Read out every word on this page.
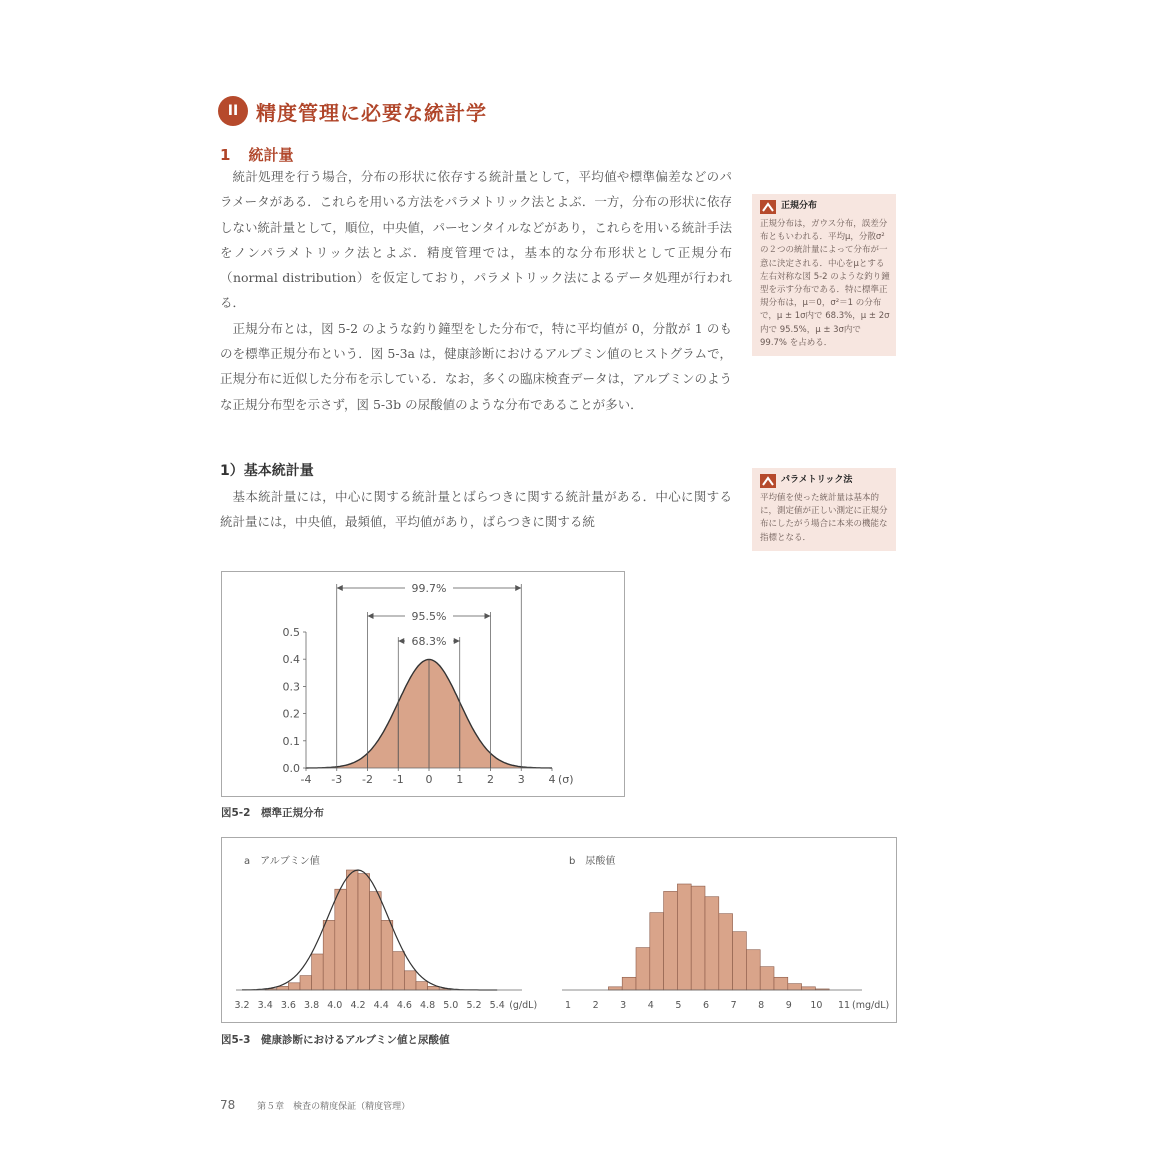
II 精度管理に必要な統計学
1 統計量

統計処理を行う場合，分布の形状に依存する統計量として，平均値や標準偏差などのパラメータがある．これらを用いる方法をパラメトリック法とよぶ．一方，分布の形状に依存しない統計量として，順位，中央値，パーセンタイルなどがあり，これらを用いる統計手法をノンパラメトリック法とよぶ．精度管理では，基本的な分布形状として正規分布（normal distribution）を仮定しており，パラメトリック法によるデータ処理が行われる．

正規分布とは，図 5-2 のような釣り鐘型をした分布で，特に平均値が 0，分散が 1 のものを標準正規分布という．図 5-3a は，健康診断におけるアルブミン値のヒストグラムで，正規分布に近似した分布を示している．なお，多くの臨床検査データは，アルブミンのような正規分布型を示さず，図 5-3b の尿酸値のような分布であることが多い．

1）基本統計量

基本統計量には，中心に関する統計量とばらつきに関する統計量がある．中心に関する統計量には，中央値，最頻値，平均値があり，ばらつきに関する統

正規分布
正規分布は，ガウス分布，誤差分布ともいわれる．平均μ，分散σ² の２つの統計量によって分布が一意に決定される．中心をμとする左右対称な図 5-2 のような釣り鐘型を示す分布である．特に標準正規分布は，μ＝0，σ²＝1 の分布で，μ ± 1σ内で 68.3%，μ ± 2σ内で 95.5%，μ ± 3σ内で 99.7% を占める．
パラメトリック法
平均値を使った統計量は基本的に，測定値が正しい測定に正規分布にしたがう場合に本来の機能な指標となる．
0.0
0.1
0.2
0.3
0.4
0.5
-4 -3 -2 -1 0 1 2 3 4 (σ)
99.7%
95.5%
68.3%
図5-2　標準正規分布
a　アルブミン値
3.2 3.4 3.6 3.8 4.0 4.2 4.4 4.6 4.8 5.0 5.2 5.4 (g/dL)
b　尿酸値
1 2 3 4 5 6 7 8 9 10 11 (mg/dL)
図5-3　健康診断におけるアルブミン値と尿酸値
78 第５章　検査の精度保証（精度管理）
